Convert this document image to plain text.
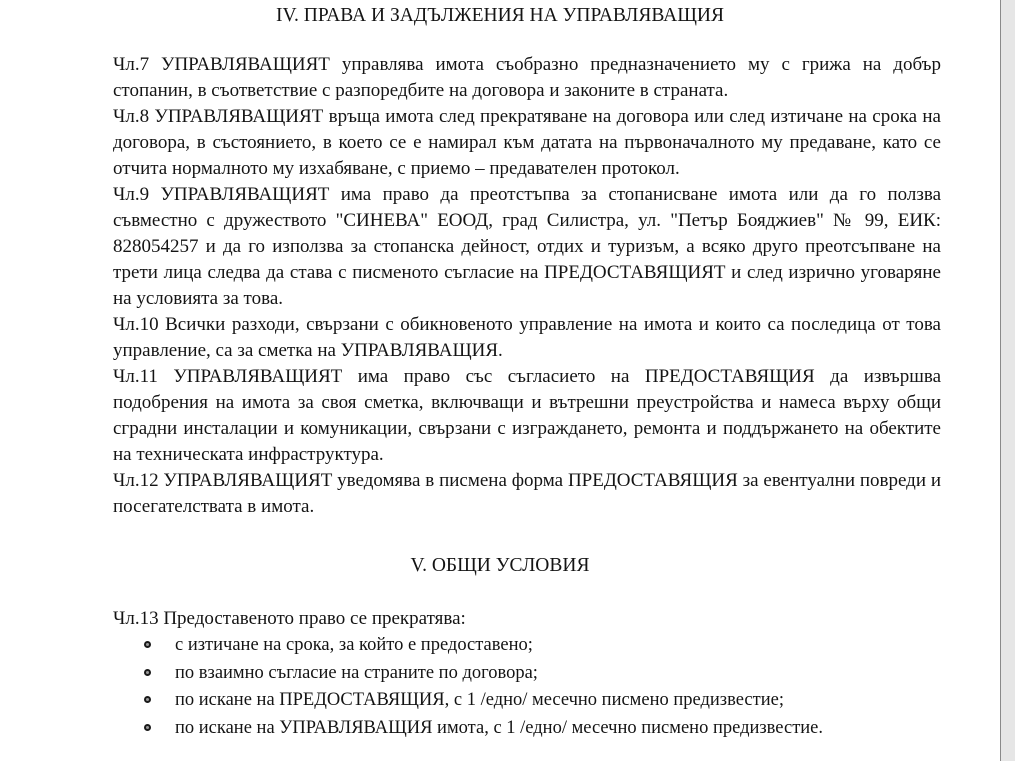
IV. ПРАВА И ЗАДЪЛЖЕНИЯ НА УПРАВЛЯВАЩИЯ

Чл.7 УПРАВЛЯВАЩИЯТ управлява имота съобразно предназначението му с грижа на добър стопанин, в съответствие с разпоредбите на договора и законите в страната.

Чл.8 УПРАВЛЯВАЩИЯТ връща имота след прекратяване на договора или след изтичане на срока на договора, в състоянието, в което се е намирал към датата на първоначалното му предаване, като се отчита нормалното му изхабяване, с приемо – предавателен протокол.

Чл.9 УПРАВЛЯВАЩИЯТ има право да преотстъпва за стопанисване имота или да го ползва съвместно с дружеството "СИНЕВА" ЕООД, град Силистра, ул. "Петър Бояджиев" № 99, ЕИК: 828054257 и да го използва за стопанска дейност, отдих и туризъм, а всяко друго преотсъпване на трети лица следва да става с писменото съгласие на ПРЕДОСТАВЯЩИЯТ и след изрично уговаряне на условията за това.

Чл.10 Всички разходи, свързани с обикновеното управление на имота и които са последица от това управление, са за сметка на УПРАВЛЯВАЩИЯ.

Чл.11 УПРАВЛЯВАЩИЯТ има право със съгласието на ПРЕДОСТАВЯЩИЯ да извършва подобрения на имота за своя сметка, включващи и вътрешни преустройства и намеса върху общи сградни инсталации и комуникации, свързани с изграждането, ремонта и поддържането на обектите на техническата инфраструктура.

Чл.12 УПРАВЛЯВАЩИЯТ уведомява в писмена форма ПРЕДОСТАВЯЩИЯ за евентуални повреди и посегателствата в имота.

V. ОБЩИ УСЛОВИЯ

Чл.13 Предоставеното право се прекратява:

с изтичане на срока, за който е предоставено;
по взаимно съгласие на страните по договора;
по искане на ПРЕДОСТАВЯЩИЯ, с 1 /едно/ месечно писмено предизвестие;
по искане на УПРАВЛЯВАЩИЯ имота, с 1 /едно/ месечно писмено предизвестие.
